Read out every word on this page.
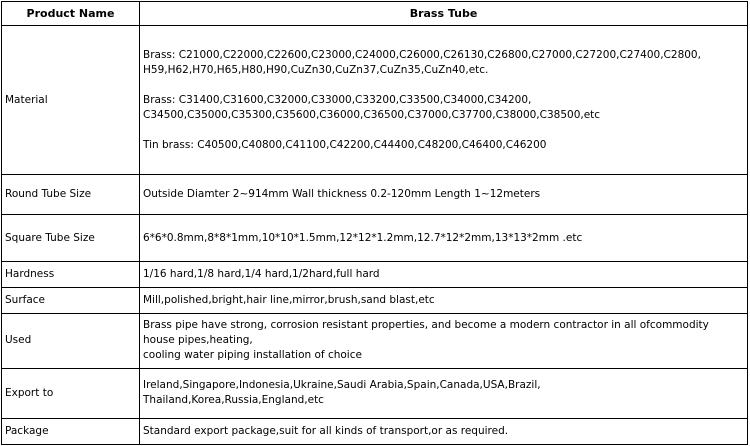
Product Name	Brass Tube
Material	Brass: C21000,C22000,C22600,C23000,C24000,C26000,C26130,C26800,C27000,C27200,C27400,C2800,
H59,H62,H70,H65,H80,H90,CuZn30,CuZn37,CuZn35,CuZn40,etc.
Brass: C31400,C31600,C32000,C33000,C33200,C33500,C34000,C34200,
C34500,C35000,C35300,C35600,C36000,C36500,C37000,C37700,C38000,C38500,etc
Tin brass: C40500,C40800,C41100,C42200,C44400,C48200,C46400,C46200

Round Tube Size	Outside Diamter 2~914mm Wall thickness 0.2-120mm Length 1~12meters
Square Tube Size	6*6*0.8mm,8*8*1mm,10*10*1.5mm,12*12*1.2mm,12.7*12*2mm,13*13*2mm .etc
Hardness	1/16 hard,1/8 hard,1/4 hard,1/2hard,full hard
Surface	Mill,polished,bright,hair line,mirror,brush,sand blast,etc
Used	Brass pipe have strong, corrosion resistant properties, and become a modern contractor in all ofcommodity
house pipes,heating,
cooling water piping installation of choice
Export to	Ireland,Singapore,Indonesia,Ukraine,Saudi Arabia,Spain,Canada,USA,Brazil,
Thailand,Korea,Russia,England,etc
Package	Standard export package,suit for all kinds of transport,or as required.
